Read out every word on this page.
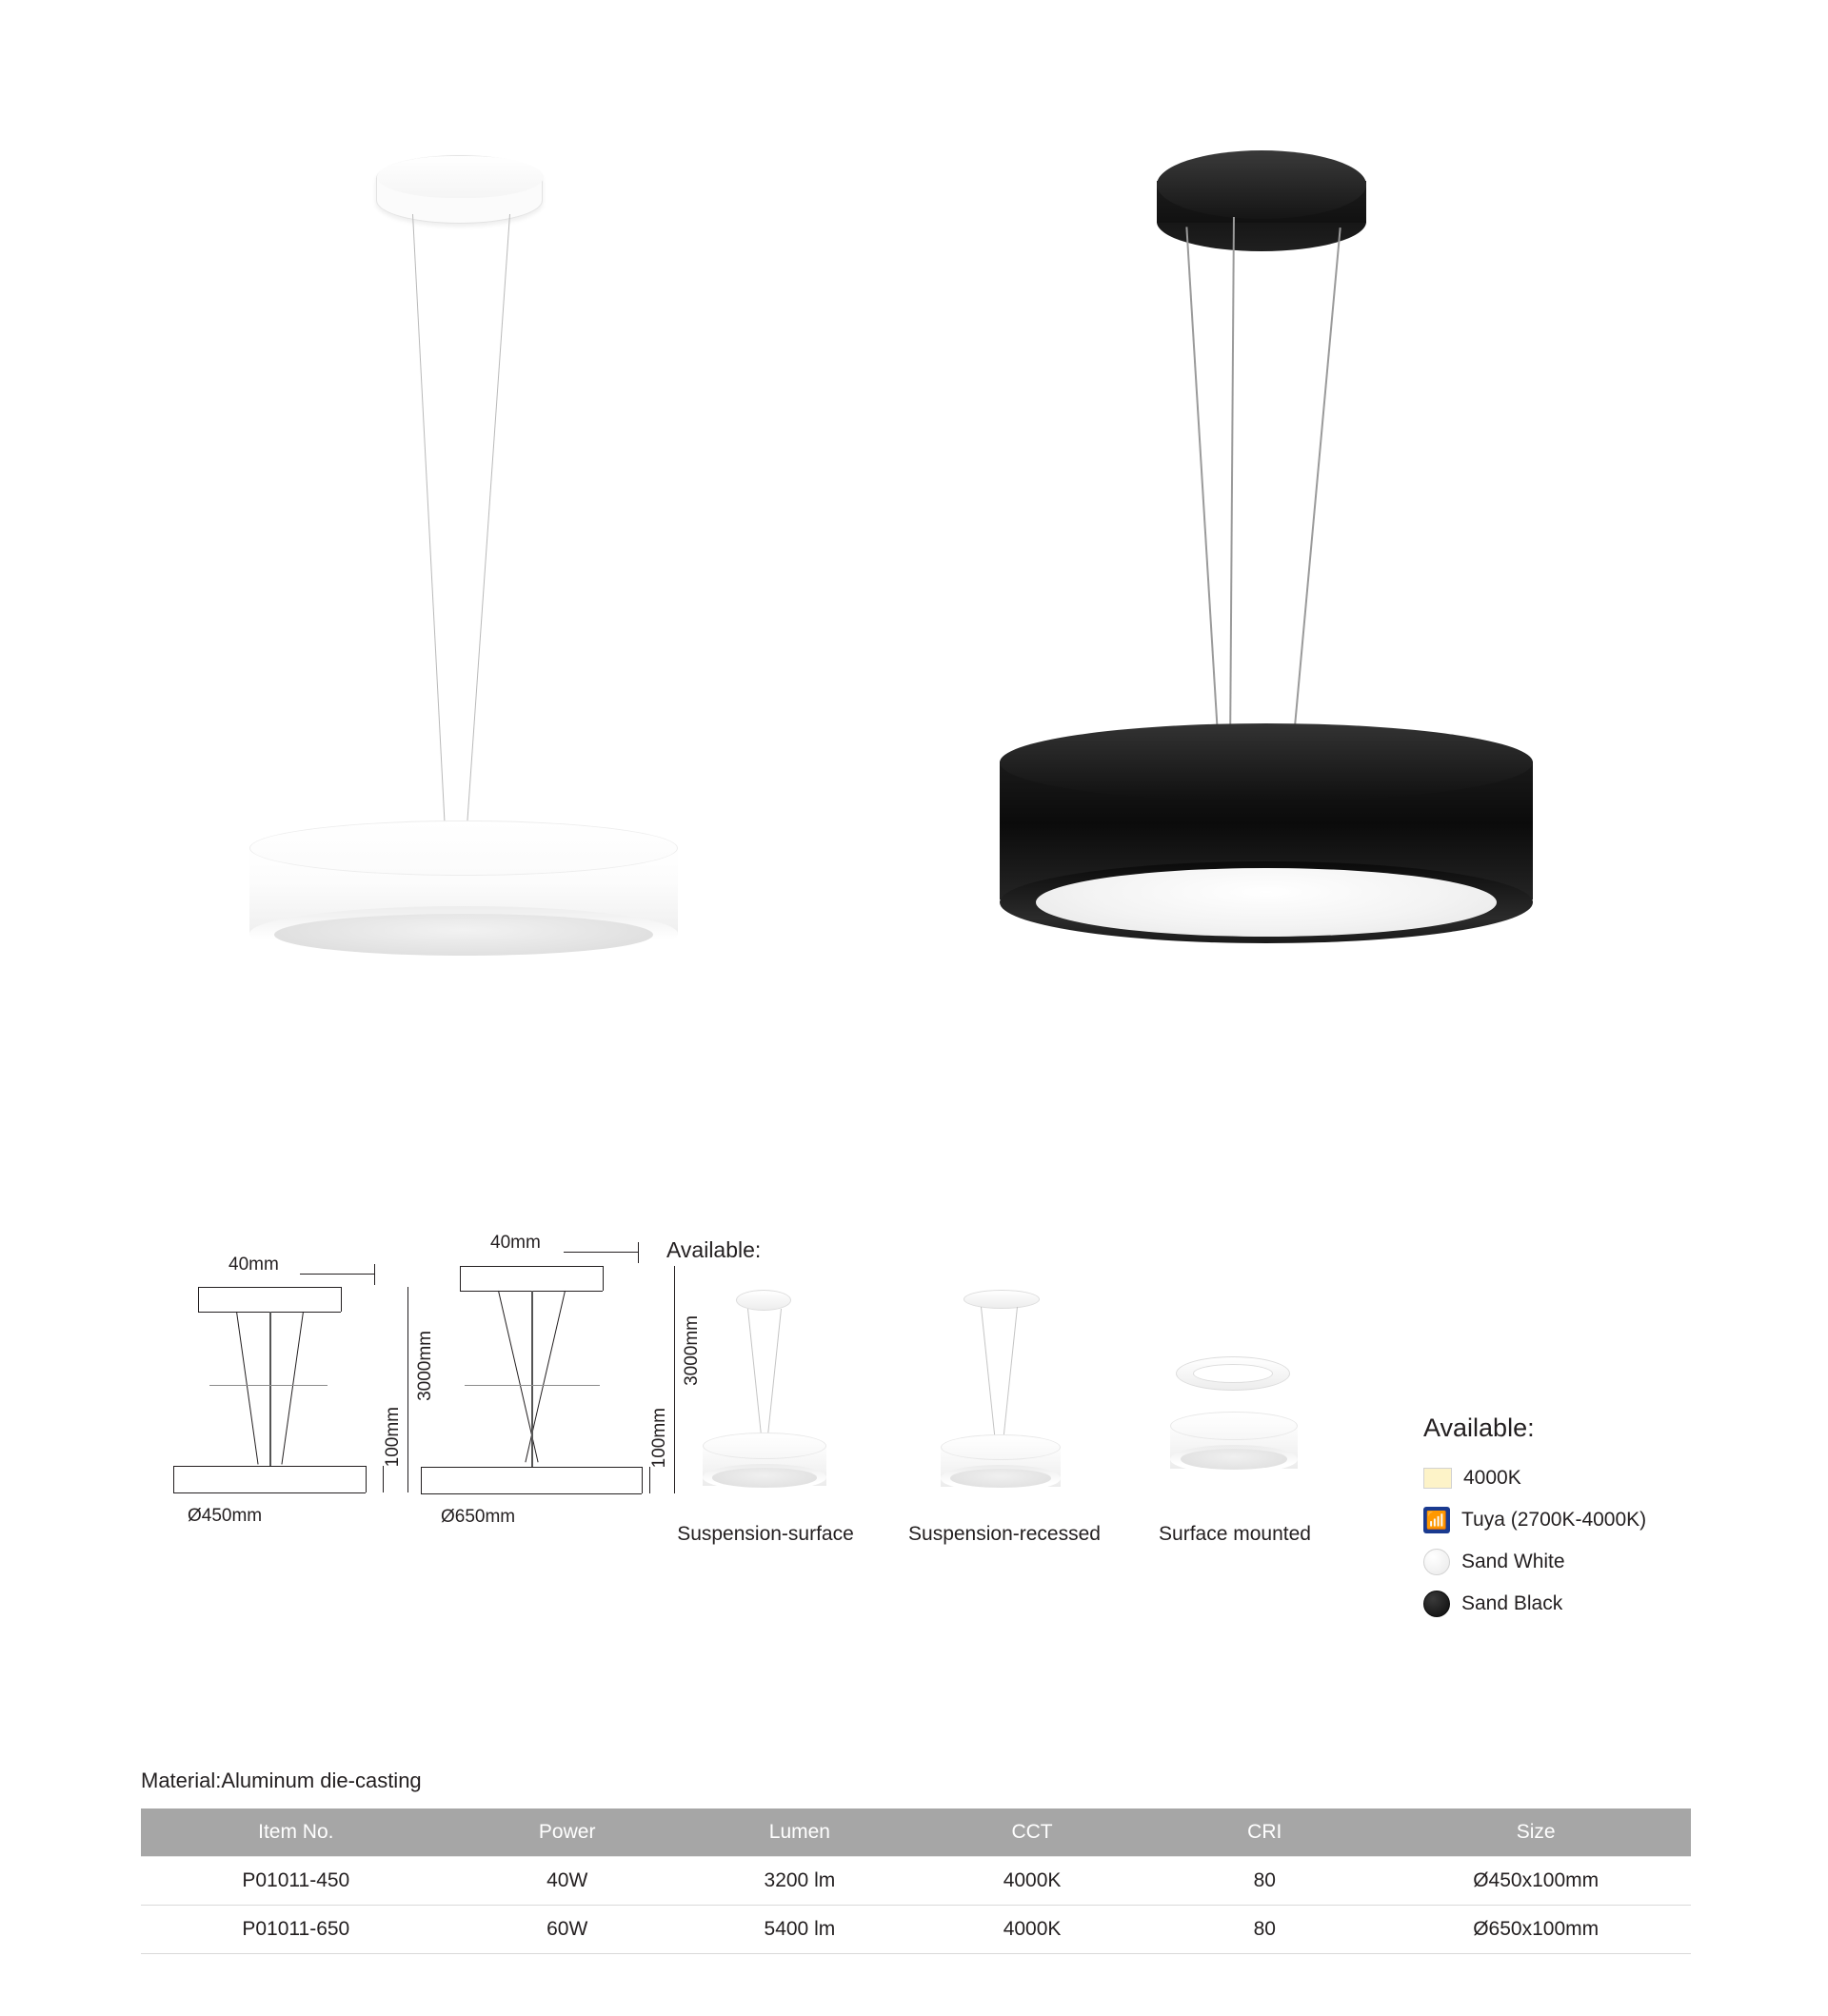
40mm
3000mm
100mm
Ø450mm
40mm
3000mm
100mm
Ø650mm
Available:
Suspension-surface	Suspension-recessed	Surface mounted
Available:
4000K
📶 Tuya (2700K-4000K)
Sand White
Sand Black
Material:Aluminum die-casting
Item No.	Power	Lumen	CCT	CRI	Size
P01011-450	40W	3200 lm	4000K	80	Ø450x100mm
P01011-650	60W	5400 lm	4000K	80	Ø650x100mm
